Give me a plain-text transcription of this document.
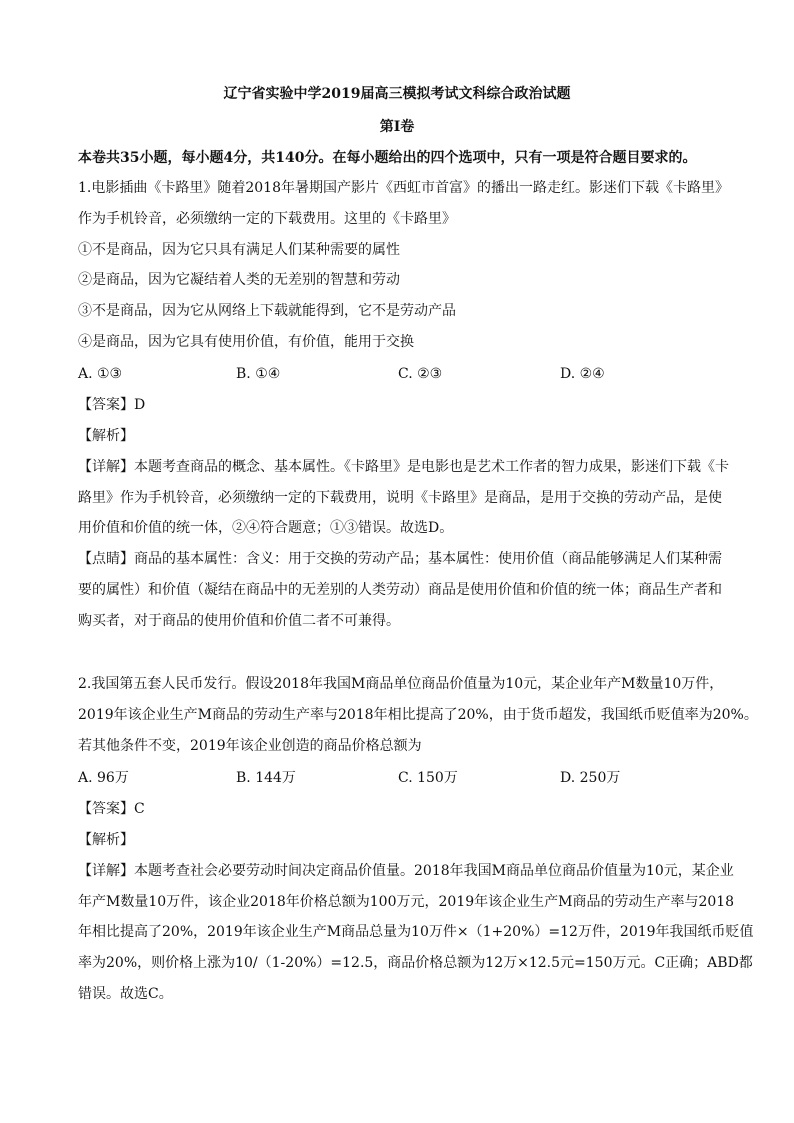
辽宁省实验中学2019届高三模拟考试文科综合政治试题
第I卷
本卷共35小题，每小题4分，共140分。在每小题给出的四个选项中，只有一项是符合题目要求的。
1.电影插曲《卡路里》随着2018年暑期国产影片《西虹市首富》的播出一路走红。影迷们下载《卡路里》
作为手机铃音，必须缴纳一定的下载费用。这里的《卡路里》
①不是商品，因为它只具有满足人们某种需要的属性
②是商品，因为它凝结着人类的无差别的智慧和劳动
③不是商品，因为它从网络上下载就能得到，它不是劳动产品
④是商品，因为它具有使用价值，有价值，能用于交换
A. ①③	B. ①④	C. ②③	D. ②④
【答案】D
【解析】
【详解】本题考查商品的概念、基本属性。《卡路里》是电影也是艺术工作者的智力成果，影迷们下载《卡
路里》作为手机铃音，必须缴纳一定的下载费用，说明《卡路里》是商品，是用于交换的劳动产品，是使
用价值和价值的统一体，②④符合题意；①③错误。故选D。
【点睛】商品的基本属性：含义：用于交换的劳动产品；基本属性：使用价值（商品能够满足人们某种需
要的属性）和价值（凝结在商品中的无差别的人类劳动）商品是使用价值和价值的统一体；商品生产者和
购买者，对于商品的使用价值和价值二者不可兼得。
2.我国第五套人民币发行。假设2018年我国M商品单位商品价值量为10元，某企业年产M数量10万件，
2019年该企业生产M商品的劳动生产率与2018年相比提高了20%，由于货币超发，我国纸币贬值率为20%。
若其他条件不变，2019年该企业创造的商品价格总额为
A. 96万	B. 144万	C. 150万	D. 250万
【答案】C
【解析】
【详解】本题考查社会必要劳动时间决定商品价值量。2018年我国M商品单位商品价值量为10元，某企业
年产M数量10万件，该企业2018年价格总额为100万元，2019年该企业生产M商品的劳动生产率与2018
年相比提高了20%，2019年该企业生产M商品总量为10万件×（1+20%）=12万件，2019年我国纸币贬值
率为20%，则价格上涨为10/（1-20%）=12.5，商品价格总额为12万×12.5元=150万元。C正确；ABD都
错误。故选C。
